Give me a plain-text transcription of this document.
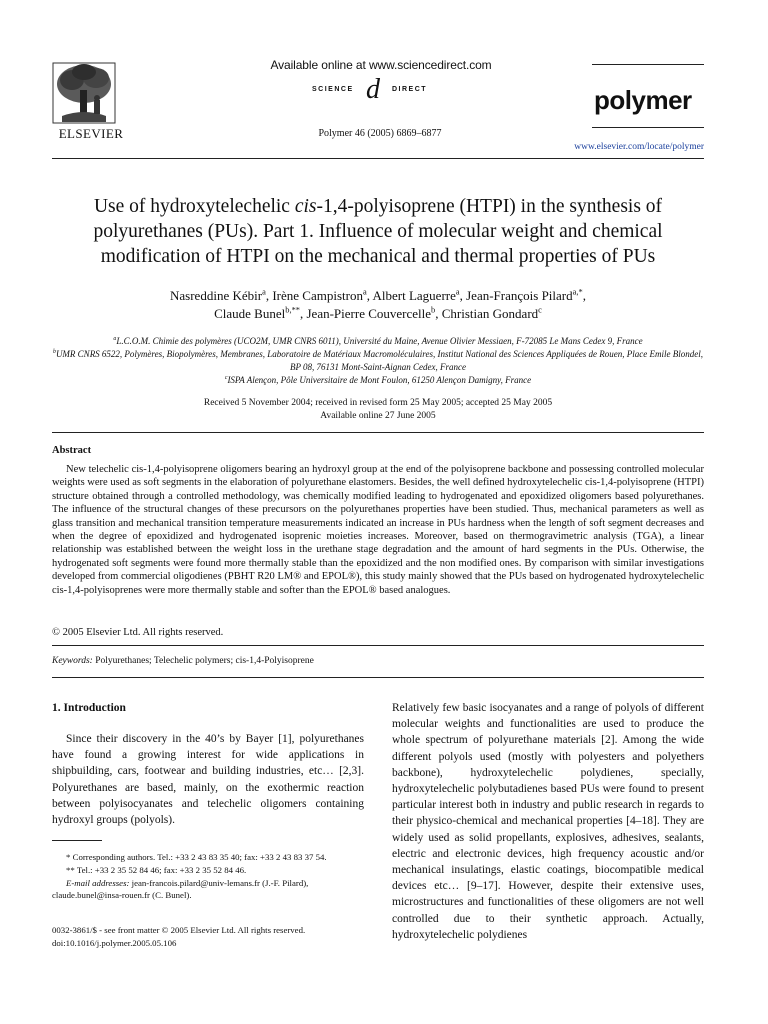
ELSEVIER
Available online at www.sciencedirect.com
SCIENCE d DIRECT
Polymer 46 (2005) 6869–6877
polymer
www.elsevier.com/locate/polymer
Use of hydroxytelechelic cis-1,4-polyisoprene (HTPI) in the synthesis of polyurethanes (PUs). Part 1. Influence of molecular weight and chemical modification of HTPI on the mechanical and thermal properties of PUs
Nasreddine Kébir$^a$, Irène Campistron$^a$, Albert Laguerre$^a$, Jean-François Pilard$^{a,*}$,
Claude Bunel$^{b,**}$, Jean-Pierre Couvercelle$^b$, Christian Gondard$^c$
$^a$L.C.O.M. Chimie des polymères (UCO2M, UMR CNRS 6011), Université du Maine, Avenue Olivier Messiaen, F-72085 Le Mans Cedex 9, France
$^b$UMR CNRS 6522, Polymères, Biopolymères, Membranes, Laboratoire de Matériaux Macromoléculaires, Institut National des Sciences Appliquées de Rouen, Place Emile Blondel, BP 08, 76131 Mont-Saint-Aignan Cedex, France
$^c$ISPA Alençon, Pôle Universitaire de Mont Foulon, 61250 Alençon Damigny, France
Received 5 November 2004; received in revised form 25 May 2005; accepted 25 May 2005
Available online 27 June 2005
Abstract

New telechelic cis-1,4-polyisoprene oligomers bearing an hydroxyl group at the end of the polyisoprene backbone and possessing controlled molecular weights were used as soft segments in the elaboration of polyurethane elastomers. Besides, the well defined hydroxytelechelic cis-1,4-polyisoprene (HTPI) structure obtained through a controlled methodology, was chemically modified leading to hydrogenated and epoxidized oligomers based polyurethanes. The influence of the structural changes of these precursors on the polyurethanes properties have been studied. Thus, mechanical parameters as well as glass transition and mechanical transition temperature measurements indicated an increase in PUs hardness when the length of soft segment decreases and when the degree of epoxidized and hydrogenated isoprenic moieties increases. Moreover, based on thermogravimetric analysis (TGA), a linear relationship was established between the weight loss in the urethane stage degradation and the amount of hard segments in the PUs. Otherwise, the hydrogenated soft segments were found more thermally stable than the epoxidized and the non modified ones. By comparison with similar investigations developed from commercial oligodienes (PBHT R20 LM® and EPOL®), this study mainly showed that the PUs based on hydrogenated hydroxytelechelic cis-1,4-polyisoprenes were more thermally stable and softer than the EPOL® based analogues.

© 2005 Elsevier Ltd. All rights reserved.
Keywords: Polyurethanes; Telechelic polymers; cis-1,4-Polyisoprene
1. Introduction

Since their discovery in the 40’s by Bayer [1], polyurethanes have found a growing interest for wide applications in shipbuilding, cars, footwear and building industries, etc… [2,3]. Polyurethanes are based, mainly, on the exothermic reaction between polyisocyanates and telechelic oligomers containing hydroxyl groups (polyols).

Relatively few basic isocyanates and a range of polyols of different molecular weights and functionalities are used to produce the whole spectrum of polyurethane materials [2]. Among the wide different polyols used (mostly with polyesters and polyethers backbone), hydroxytelechelic polydienes, specially, hydroxytelechelic polybutadienes based PUs were found to present particular interest both in industry and public research in regards to their physico-chemical and mechanical properties [4–18]. They are widely used as solid propellants, explosives, adhesives, sealants, electric and electronic devices, high frequency acoustic and/or mechanical insulatings, elastic coatings, biocompatible medical devices etc… [9–17]. However, despite their extensive uses, microstructures and functionalities of these oligomers are not well controlled due to their synthetic approach. Actually, hydroxytelechelic polydienes

* Corresponding authors. Tel.: +33 2 43 83 35 40; fax: +33 2 43 83 37 54.
** Tel.: +33 2 35 52 84 46; fax: +33 2 35 52 84 46.
E-mail addresses: jean-francois.pilard@univ-lemans.fr (J.-F. Pilard),
claude.bunel@insa-rouen.fr (C. Bunel).
0032-3861/$ - see front matter © 2005 Elsevier Ltd. All rights reserved.
doi:10.1016/j.polymer.2005.05.106
